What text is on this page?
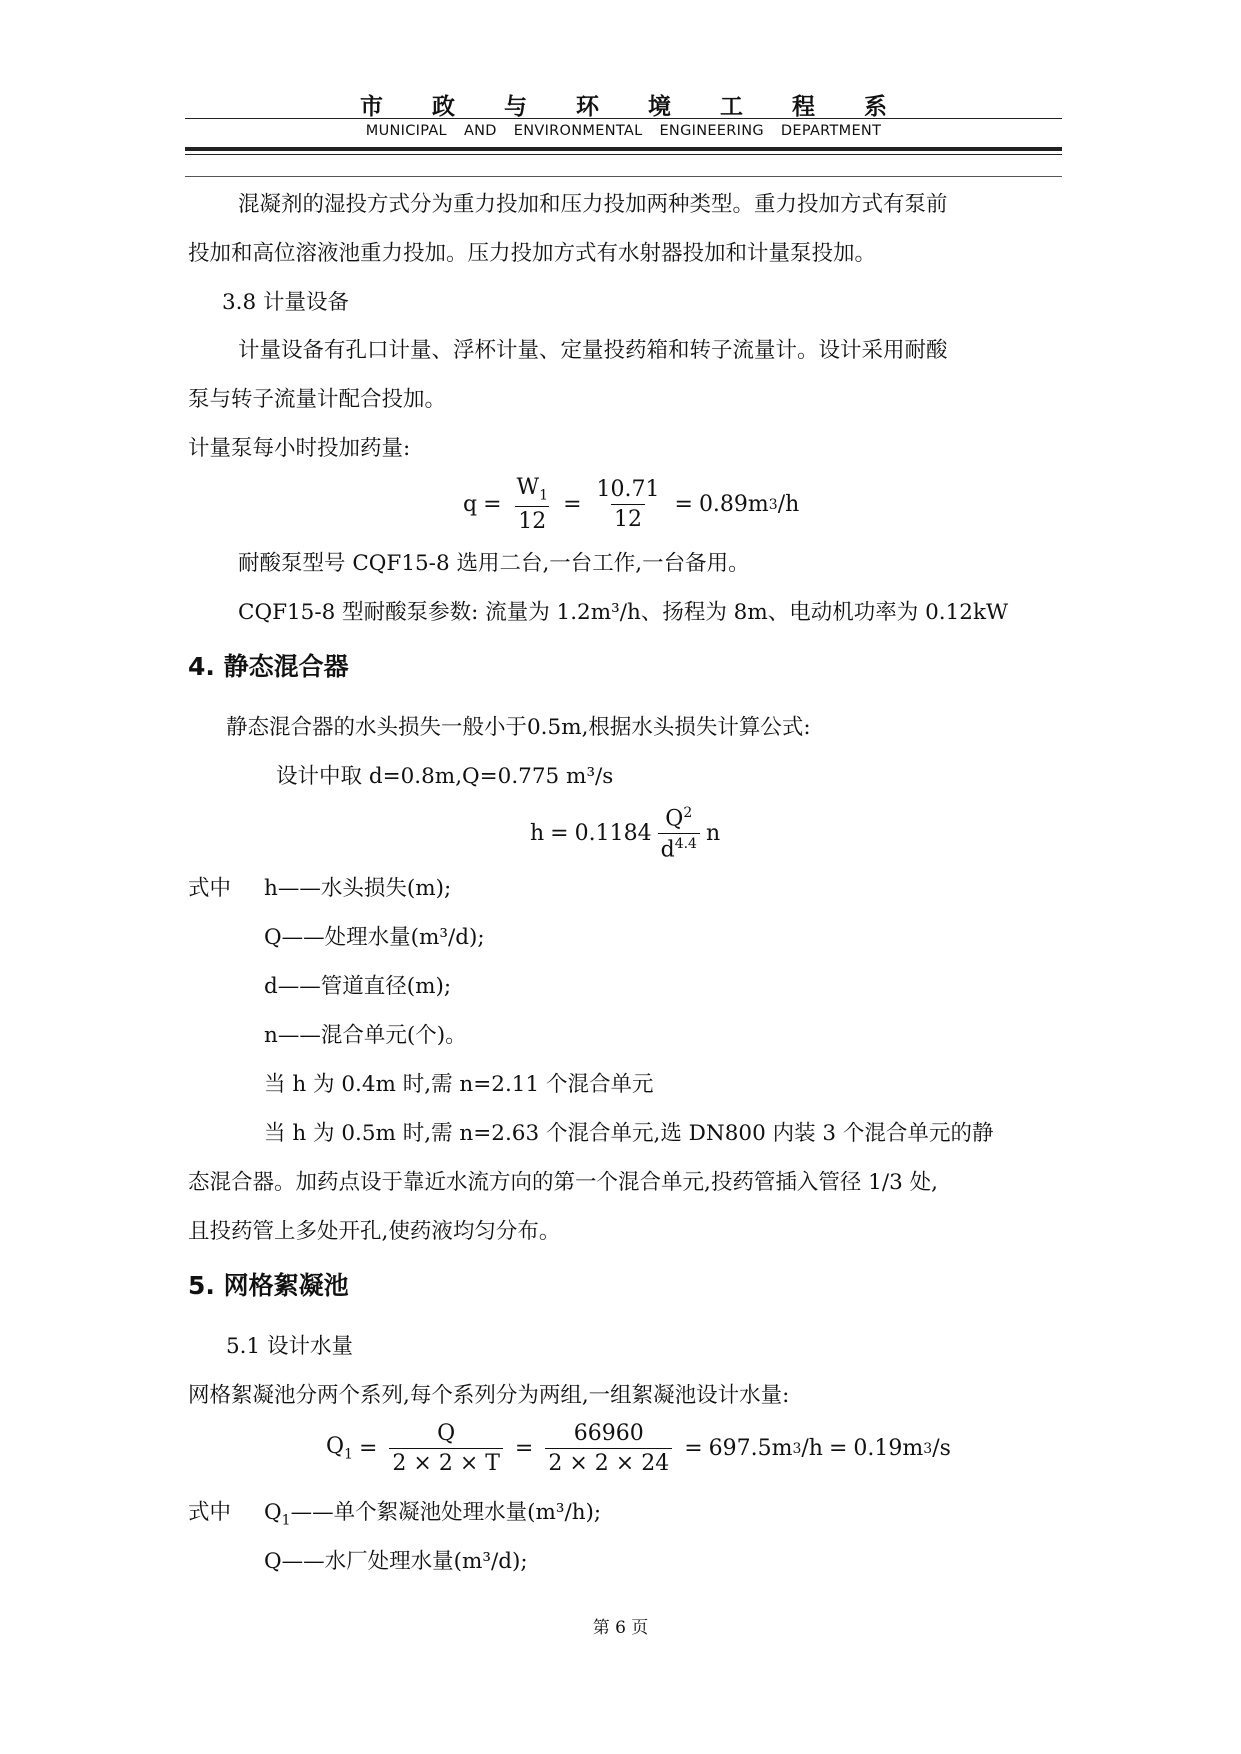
市 政 与 环 境 工 程 系
MUNICIPAL AND ENVIRONMENTAL ENGINEERING DEPARTMENT
混凝剂的湿投方式分为重力投加和压力投加两种类型。重力投加方式有泵前
投加和高位溶液池重力投加。压力投加方式有水射器投加和计量泵投加。
3.8 计量设备
计量设备有孔口计量、浮杯计量、定量投药箱和转子流量计。设计采用耐酸
泵与转子流量计配合投加。
计量泵每小时投加药量:
$q = \frac{W_1}{12} = \frac{10.71}{12} = 0.89m$ 3 /h
耐酸泵型号 CQF15-8 选用二台,一台工作,一台备用。
CQF15-8 型耐酸泵参数: 流量为 1.2m³/h、扬程为 8m、电动机功率为 0.12kW
4. 静态混合器
静态混合器的水头损失一般小于0.5m,根据水头损失计算公式:
设计中取 d=0.8m,Q=0.775 m³/s
$h = 0.1184 \frac{Q^2}{d^{4.4}}$ n
式中 h——水头损失(m);
Q——处理水量(m³/d);
d——管道直径(m);
n——混合单元(个)。
当 h 为 0.4m 时,需 n=2.11 个混合单元
当 h 为 0.5m 时,需 n=2.63 个混合单元,选 DN800 内装 3 个混合单元的静
态混合器。加药点设于靠近水流方向的第一个混合单元,投药管插入管径 1/3 处,
且投药管上多处开孔,使药液均匀分布。
5. 网格絮凝池
5.1 设计水量
网格絮凝池分两个系列,每个系列分为两组,一组絮凝池设计水量:
$Q_1 = \frac{Q}{2 \times 2 \times T} = \frac{66960}{2 \times 2 \times 24} = 697.5m$ 3 /h = 0.19m 3 /s
式中 $Q_1——$单个絮凝池处理水量(m³/h);
Q——水厂处理水量(m³/d);
第 6 页
